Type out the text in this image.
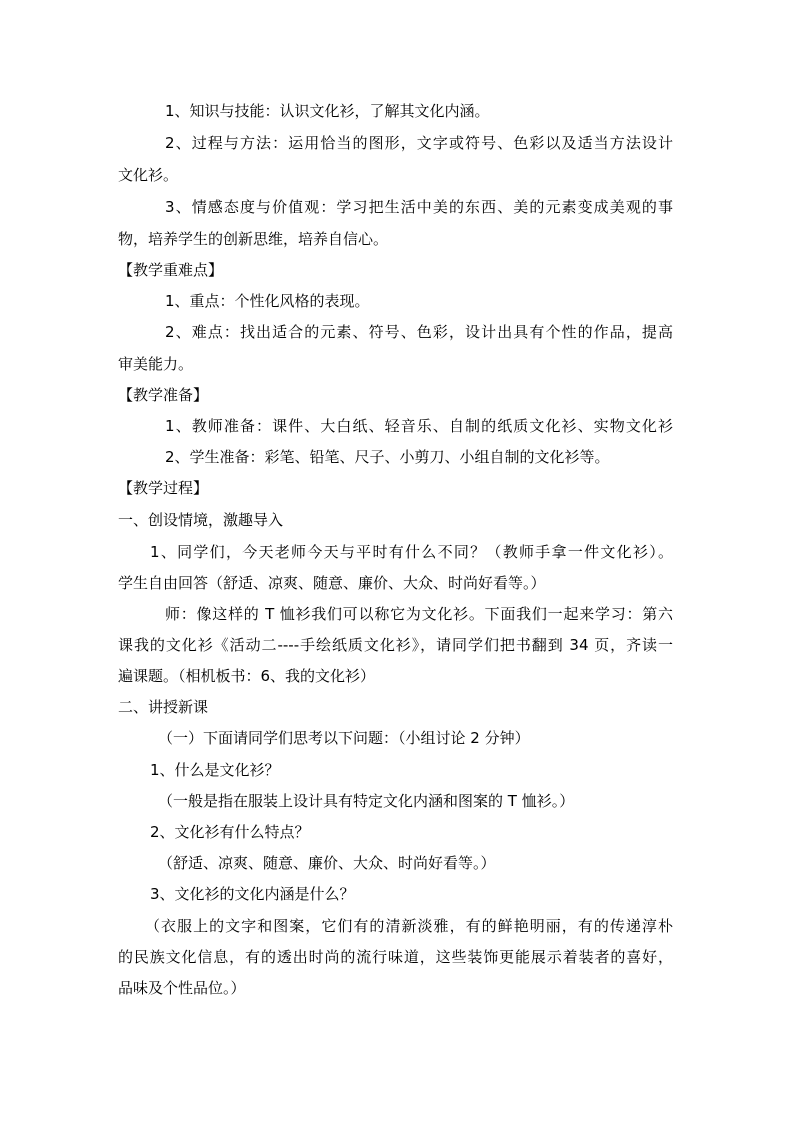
1、知识与技能：认识文化衫，了解其文化内涵。
2、过程与方法：运用恰当的图形，文字或符号、色彩以及适当方法设计
文化衫。
3、情感态度与价值观：学习把生活中美的东西、美的元素变成美观的事
物，培养学生的创新思维，培养自信心。
【教学重难点】
1、重点：个性化风格的表现。
2、难点：找出适合的元素、符号、色彩，设计出具有个性的作品，提高
审美能力。
【教学准备】
1、教师准备：课件、大白纸、轻音乐、自制的纸质文化衫、实物文化衫
2、学生准备：彩笔、铅笔、尺子、小剪刀、小组自制的文化衫等。
【教学过程】
一、创设情境，激趣导入
1、同学们，今天老师今天与平时有什么不同？（教师手拿一件文化衫）。
学生自由回答（舒适、凉爽、随意、廉价、大众、时尚好看等。）
师：像这样的 T 恤衫我们可以称它为文化衫。下面我们一起来学习：第六
课我的文化衫《活动二----手绘纸质文化衫》，请同学们把书翻到 34 页，齐读一
遍课题。（相机板书：6、我的文化衫）
二、讲授新课
（一）下面请同学们思考以下问题：（小组讨论 2 分钟）
1、什么是文化衫？
（一般是指在服装上设计具有特定文化内涵和图案的 T 恤衫。）
2、文化衫有什么特点？
（舒适、凉爽、随意、廉价、大众、时尚好看等。）
3、文化衫的文化内涵是什么？
（衣服上的文字和图案，它们有的清新淡雅，有的鲜艳明丽，有的传递淳朴
的民族文化信息，有的透出时尚的流行味道，这些装饰更能展示着装者的喜好，
品味及个性品位。）
